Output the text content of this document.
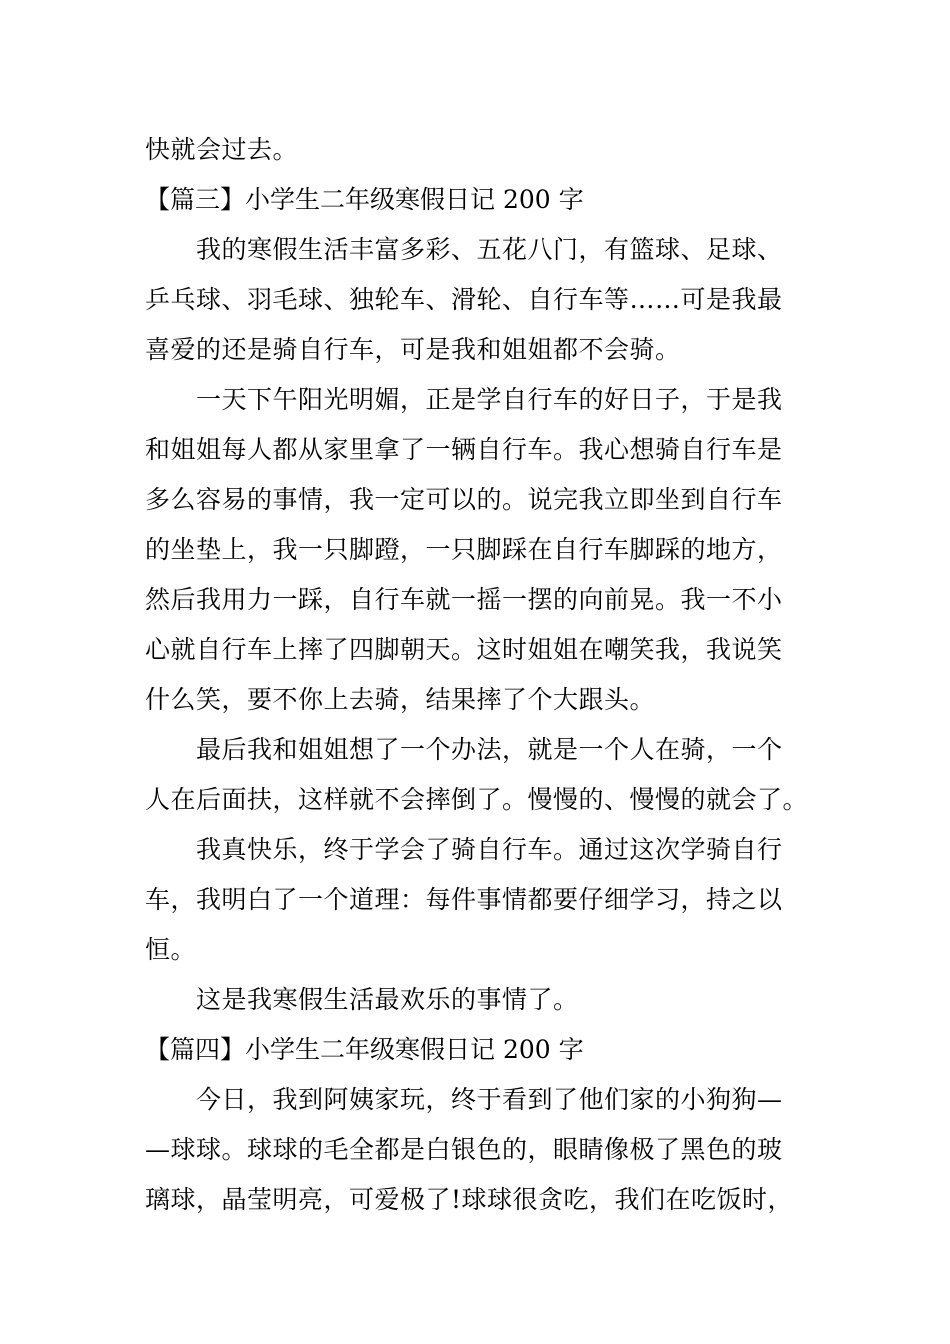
快就会过去。
【篇三】小学生二年级寒假日记 200 字
我的寒假生活丰富多彩、五花八门，有篮球、足球、
乒乓球、羽毛球、独轮车、滑轮、自行车等……可是我最
喜爱的还是骑自行车，可是我和姐姐都不会骑。
一天下午阳光明媚，正是学自行车的好日子，于是我
和姐姐每人都从家里拿了一辆自行车。我心想骑自行车是
多么容易的事情，我一定可以的。说完我立即坐到自行车
的坐垫上，我一只脚蹬，一只脚踩在自行车脚踩的地方，
然后我用力一踩，自行车就一摇一摆的向前晃。我一不小
心就自行车上摔了四脚朝天。这时姐姐在嘲笑我，我说笑
什么笑，要不你上去骑，结果摔了个大跟头。
最后我和姐姐想了一个办法，就是一个人在骑，一个
人在后面扶，这样就不会摔倒了。慢慢的、慢慢的就会了。
我真快乐，终于学会了骑自行车。通过这次学骑自行
车，我明白了一个道理：每件事情都要仔细学习，持之以
恒。
这是我寒假生活最欢乐的事情了。
【篇四】小学生二年级寒假日记 200 字
今日，我到阿姨家玩，终于看到了他们家的小狗狗—
—球球。球球的毛全都是白银色的，眼睛像极了黑色的玻
璃球，晶莹明亮，可爱极了!球球很贪吃，我们在吃饭时，
